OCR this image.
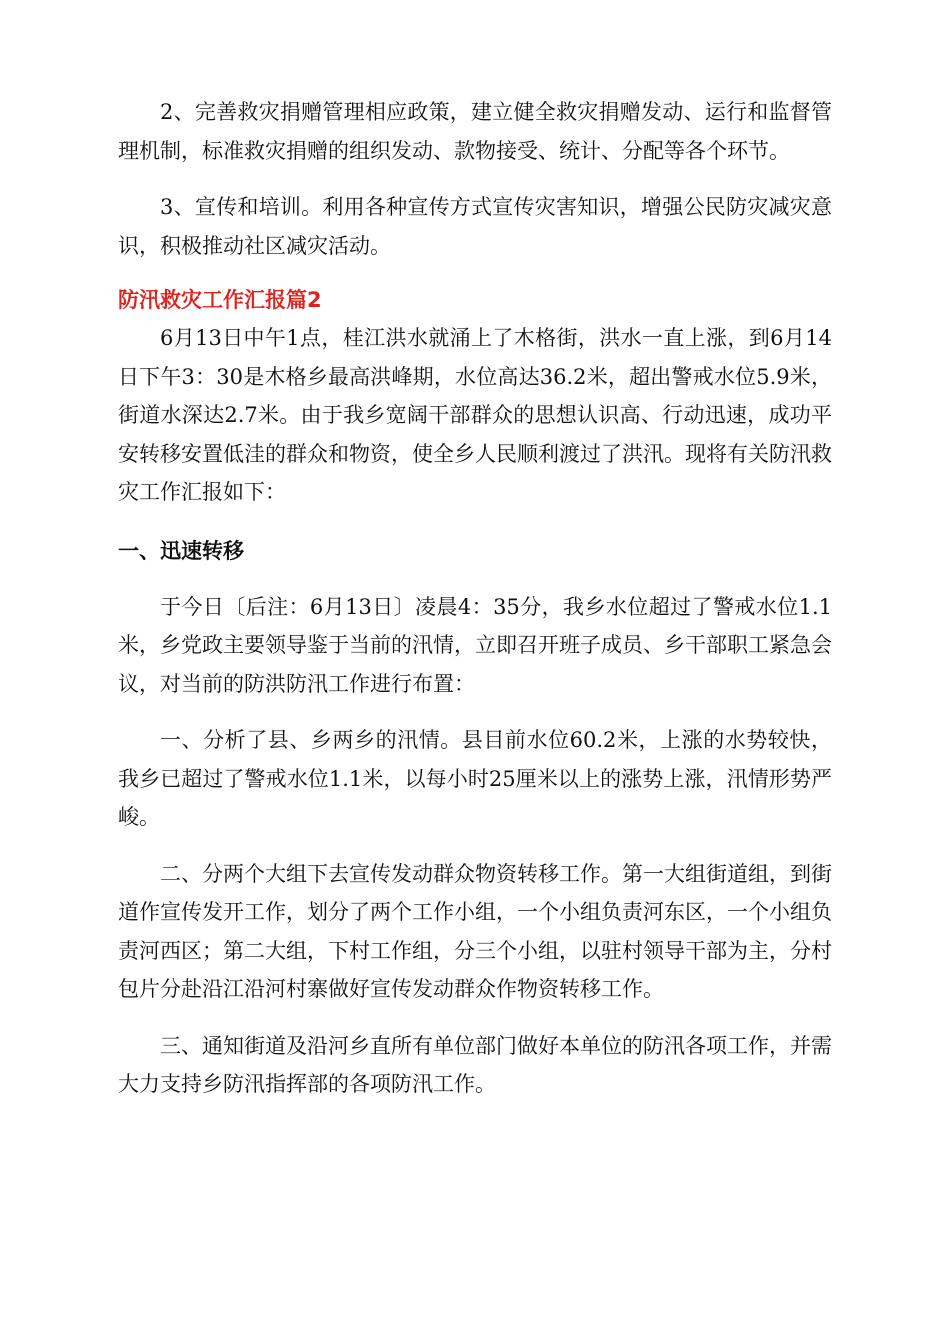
2、完善救灾捐赠管理相应政策，建立健全救灾捐赠发动、运行和监督管理机制，标准救灾捐赠的组织发动、款物接受、统计、分配等各个环节。

3、宣传和培训。利用各种宣传方式宣传灾害知识，增强公民防灾减灾意识，积极推动社区减灾活动。

防汛救灾工作汇报篇2

6月13日中午1点，桂江洪水就涌上了木格街，洪水一直上涨，到6月14日下午3：30是木格乡最高洪峰期，水位高达36.2米，超出警戒水位5.9米，街道水深达2.7米。由于我乡宽阔干部群众的思想认识高、行动迅速，成功平安转移安置低洼的群众和物资，使全乡人民顺利渡过了洪汛。现将有关防汛救灾工作汇报如下：

一、迅速转移

于今日〔后注：6月13日〕凌晨4：35分，我乡水位超过了警戒水位1.1米，乡党政主要领导鉴于当前的汛情，立即召开班子成员、乡干部职工紧急会议，对当前的防洪防汛工作进行布置：

一、分析了县、乡两乡的汛情。县目前水位60.2米，上涨的水势较快，我乡已超过了警戒水位1.1米，以每小时25厘米以上的涨势上涨，汛情形势严峻。

二、分两个大组下去宣传发动群众物资转移工作。第一大组街道组，到街道作宣传发开工作，划分了两个工作小组，一个小组负责河东区，一个小组负责河西区；第二大组，下村工作组，分三个小组，以驻村领导干部为主，分村包片分赴沿江沿河村寨做好宣传发动群众作物资转移工作。

三、通知街道及沿河乡直所有单位部门做好本单位的防汛各项工作，并需大力支持乡防汛指挥部的各项防汛工作。
